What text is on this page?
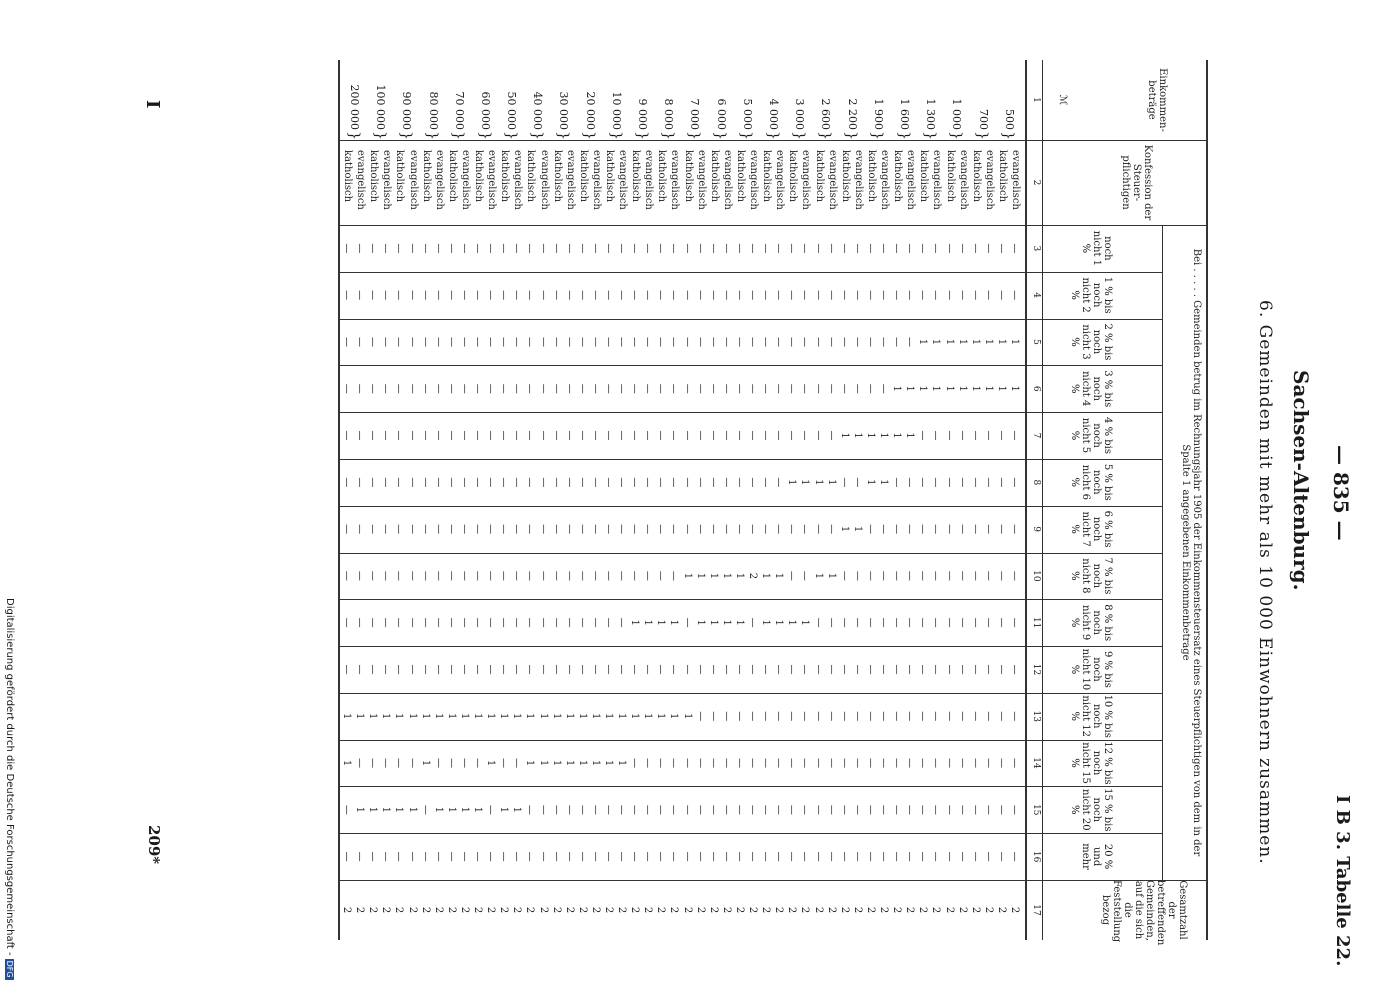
— 835 —
I B 3. Tabelle 22.
Sachsen-Altenburg.
6. Gemeinden mit mehr als 10 000 Einwohnern zusammen.
Einkommen-beträge
ℳ
Konfession der Steuer-pflichtigen
Bei . . . . . Gemeinden betrug im Rechnungsjahr 1905 der Einkommensteuersatz eines Steuerpflichtigen von dem in der Spalte 1 angegebenen Einkommenbetrage
noch nicht 1 %
1 % bis noch nicht 2 %
2 % bis noch nicht 3 %
3 % bis noch nicht 4 %
4 % bis noch nicht 5 %
5 % bis noch nicht 6 %
6 % bis noch nicht 7 %
7 % bis noch nicht 8 %
8 % bis noch nicht 9 %
9 % bis noch nicht 10 %
10 % bis noch nicht 12 %
12 % bis noch nicht 15 %
15 % bis noch nicht 20 %
20 % und mehr
Gesamtzahl der betreffenden Gemeinden, auf die sich die Feststellung bezog
1
2
3
4
5
6
7
8
9
10
11
12
13
14
15
16
17
500
}
evangelisch
—
—
1
1
—
—
—
—
—
—
—
—
—
—
2
katholisch
—
—
1
1
—
—
—
—
—
—
—
—
—
—
2
700
}
evangelisch
—
—
1
1
—
—
—
—
—
—
—
—
—
—
2
katholisch
—
—
1
1
—
—
—
—
—
—
—
—
—
—
2
1 000
}
evangelisch
—
—
1
1
—
—
—
—
—
—
—
—
—
—
2
katholisch
—
—
1
1
—
—
—
—
—
—
—
—
—
—
2
1 300
}
evangelisch
—
—
1
1
—
—
—
—
—
—
—
—
—
—
2
katholisch
—
—
1
1
—
—
—
—
—
—
—
—
—
—
2
1 600
}
evangelisch
—
—
—
1
1
—
—
—
—
—
—
—
—
—
2
katholisch
—
—
—
1
1
—
—
—
—
—
—
—
—
—
2
1 900
}
evangelisch
—
—
—
—
1
1
—
—
—
—
—
—
—
—
2
katholisch
—
—
—
—
1
1
—
—
—
—
—
—
—
—
2
2 200
}
evangelisch
—
—
—
—
1
—
1
—
—
—
—
—
—
—
2
katholisch
—
—
—
—
1
—
1
—
—
—
—
—
—
—
2
2 600
}
evangelisch
—
—
—
—
—
1
—
1
—
—
—
—
—
—
2
katholisch
—
—
—
—
—
1
—
1
—
—
—
—
—
—
2
3 000
}
evangelisch
—
—
—
—
—
1
—
—
1
—
—
—
—
—
2
katholisch
—
—
—
—
—
1
—
—
1
—
—
—
—
—
2
4 000
}
evangelisch
—
—
—
—
—
—
—
1
1
—
—
—
—
—
2
katholisch
—
—
—
—
—
—
—
1
1
—
—
—
—
—
2
5 000
}
evangelisch
—
—
—
—
—
—
—
2
—
—
—
—
—
—
2
katholisch
—
—
—
—
—
—
—
1
1
—
—
—
—
—
2
6 000
}
evangelisch
—
—
—
—
—
—
—
1
1
—
—
—
—
—
2
katholisch
—
—
—
—
—
—
—
1
1
—
—
—
—
—
2
7 000
}
evangelisch
—
—
—
—
—
—
—
1
1
—
—
—
—
—
2
katholisch
—
—
—
—
—
—
—
1
—
—
1
—
—
—
2
8 000
}
evangelisch
—
—
—
—
—
—
—
—
1
—
1
—
—
—
2
katholisch
—
—
—
—
—
—
—
—
1
—
1
—
—
—
2
9 000
}
evangelisch
—
—
—
—
—
—
—
—
1
—
1
—
—
—
2
katholisch
—
—
—
—
—
—
—
—
1
—
1
—
—
—
2
10 000
}
evangelisch
—
—
—
—
—
—
—
—
—
—
1
1
—
—
2
katholisch
—
—
—
—
—
—
—
—
—
—
1
1
—
—
2
20 000
}
evangelisch
—
—
—
—
—
—
—
—
—
—
1
1
—
—
2
katholisch
—
—
—
—
—
—
—
—
—
—
1
1
—
—
2
30 000
}
evangelisch
—
—
—
—
—
—
—
—
—
—
1
1
—
—
2
katholisch
—
—
—
—
—
—
—
—
—
—
1
1
—
—
2
40 000
}
evangelisch
—
—
—
—
—
—
—
—
—
—
1
1
—
—
2
katholisch
—
—
—
—
—
—
—
—
—
—
1
1
—
—
2
50 000
}
evangelisch
—
—
—
—
—
—
—
—
—
—
1
—
1
—
2
katholisch
—
—
—
—
—
—
—
—
—
—
1
—
1
—
2
60 000
}
evangelisch
—
—
—
—
—
—
—
—
—
—
1
1
—
—
2
katholisch
—
—
—
—
—
—
—
—
—
—
1
—
1
—
2
70 000
}
evangelisch
—
—
—
—
—
—
—
—
—
—
1
—
1
—
2
katholisch
—
—
—
—
—
—
—
—
—
—
1
—
1
—
2
80 000
}
evangelisch
—
—
—
—
—
—
—
—
—
—
1
—
1
—
2
katholisch
—
—
—
—
—
—
—
—
—
—
1
1
—
—
2
90 000
}
evangelisch
—
—
—
—
—
—
—
—
—
—
1
—
1
—
2
katholisch
—
—
—
—
—
—
—
—
—
—
1
—
1
—
2
100 000
}
evangelisch
—
—
—
—
—
—
—
—
—
—
1
—
1
—
2
katholisch
—
—
—
—
—
—
—
—
—
—
1
—
1
—
2
200 000
}
evangelisch
—
—
—
—
—
—
—
—
—
—
1
—
1
—
2
katholisch
—
—
—
—
—
—
—
—
—
—
1
1
—
—
2
I
209*
Digitalisierung gefördert durch die Deutsche Forschungsgemeinschaft -DFG
